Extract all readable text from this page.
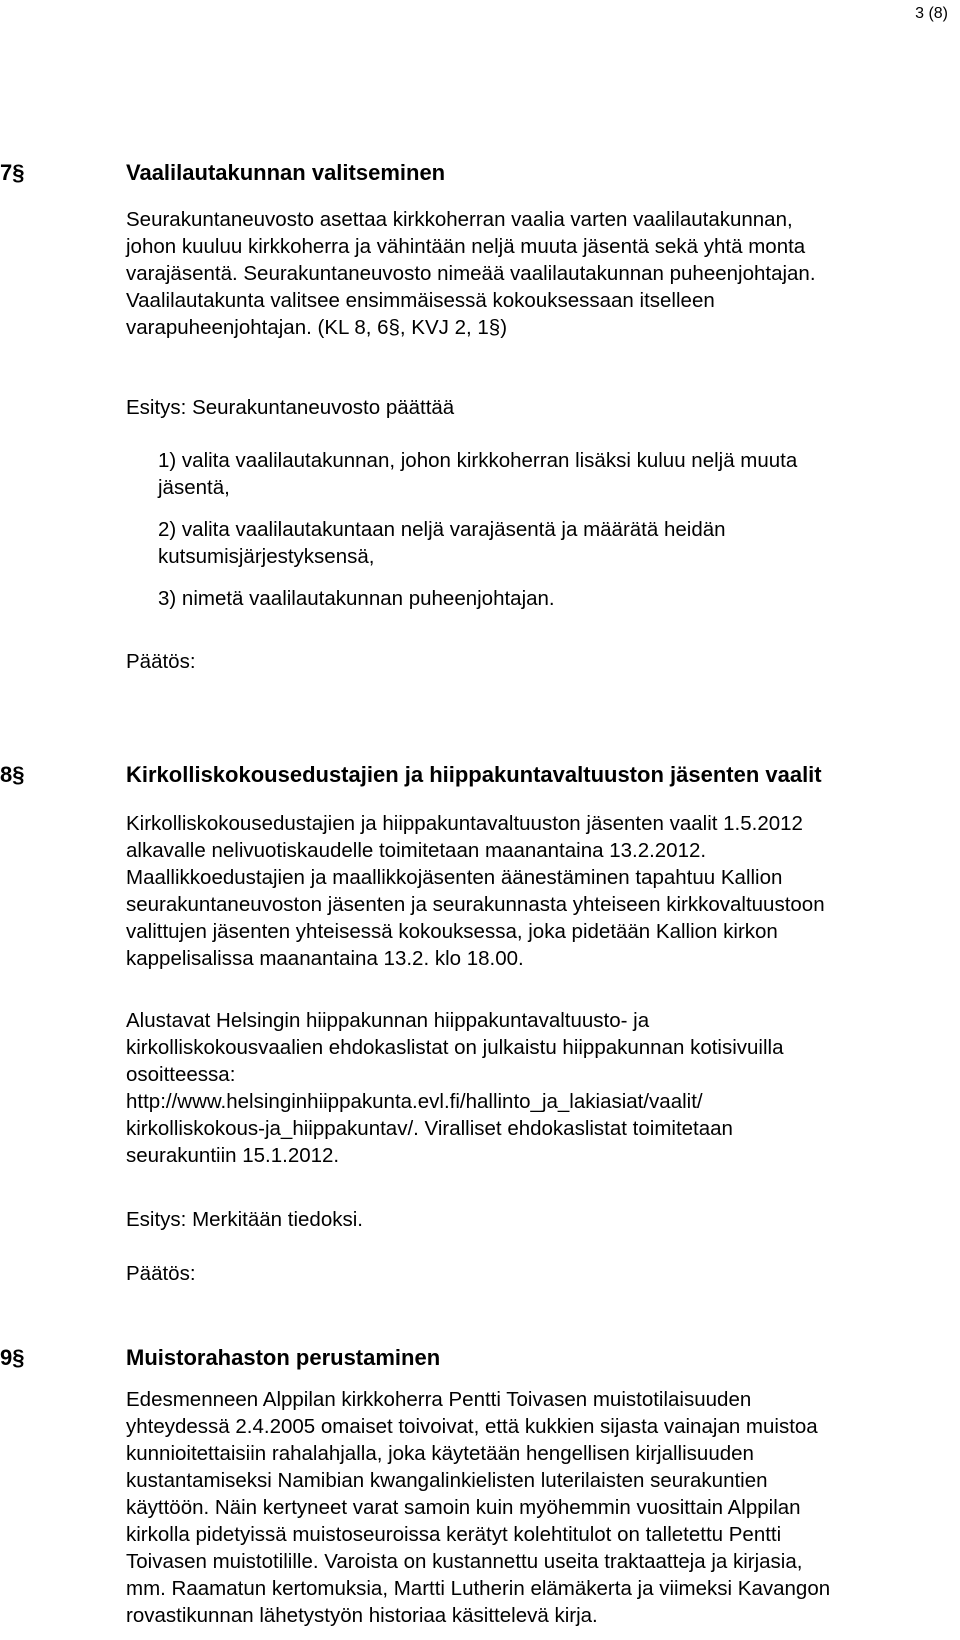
3 (8)
7§	Vaalilautakunnan valitseminen

Seurakuntaneuvosto asettaa kirkkoherran vaalia varten vaalilautakunnan,
johon kuuluu kirkkoherra ja vähintään neljä muuta jäsentä sekä yhtä monta
varajäsentä. Seurakuntaneuvosto nimeää vaalilautakunnan puheenjohtajan.
Vaalilautakunta valitsee ensimmäisessä kokouksessaan itselleen
varapuheenjohtajan. (KL 8, 6§, KVJ 2, 1§)

Esitys: Seurakuntaneuvosto päättää

1) valita vaalilautakunnan, johon kirkkoherran lisäksi kuluu neljä muuta
jäsentä,

2) valita vaalilautakuntaan neljä varajäsentä ja määrätä heidän
kutsumisjärjestyksensä,

3) nimetä vaalilautakunnan puheenjohtajan.

Päätös:

8§	Kirkolliskokousedustajien ja hiippakuntavaltuuston jäsenten vaalit

Kirkolliskokousedustajien ja hiippakuntavaltuuston jäsenten vaalit 1.5.2012
alkavalle nelivuotiskaudelle toimitetaan maanantaina 13.2.2012.
Maallikkoedustajien ja maallikkojäsenten äänestäminen tapahtuu Kallion
seurakuntaneuvoston jäsenten ja seurakunnasta yhteiseen kirkkovaltuustoon
valittujen jäsenten yhteisessä kokouksessa, joka pidetään Kallion kirkon
kappelisalissa maanantaina 13.2. klo 18.00.

Alustavat Helsingin hiippakunnan hiippakuntavaltuusto- ja
kirkolliskokousvaalien ehdokaslistat on julkaistu hiippakunnan kotisivuilla
osoitteessa:
http://www.helsinginhiippakunta.evl.fi/hallinto_ja_lakiasiat/vaalit/
kirkolliskokous-ja_hiippakuntav/. Viralliset ehdokaslistat toimitetaan
seurakuntiin 15.1.2012.

Esitys: Merkitään tiedoksi.

Päätös:

9§	Muistorahaston perustaminen

Edesmenneen Alppilan kirkkoherra Pentti Toivasen muistotilaisuuden
yhteydessä 2.4.2005 omaiset toivoivat, että kukkien sijasta vainajan muistoa
kunnioitettaisiin rahalahjalla, joka käytetään hengellisen kirjallisuuden
kustantamiseksi Namibian kwangalinkielisten luterilaisten seurakuntien
käyttöön. Näin kertyneet varat samoin kuin myöhemmin vuosittain Alppilan
kirkolla pidetyissä muistoseuroissa kerätyt kolehtitulot on talletettu Pentti
Toivasen muistotilille. Varoista on kustannettu useita traktaatteja ja kirjasia,
mm. Raamatun kertomuksia, Martti Lutherin elämäkerta ja viimeksi Kavangon
rovastikunnan lähetystyön historiaa käsittelevä kirja.
